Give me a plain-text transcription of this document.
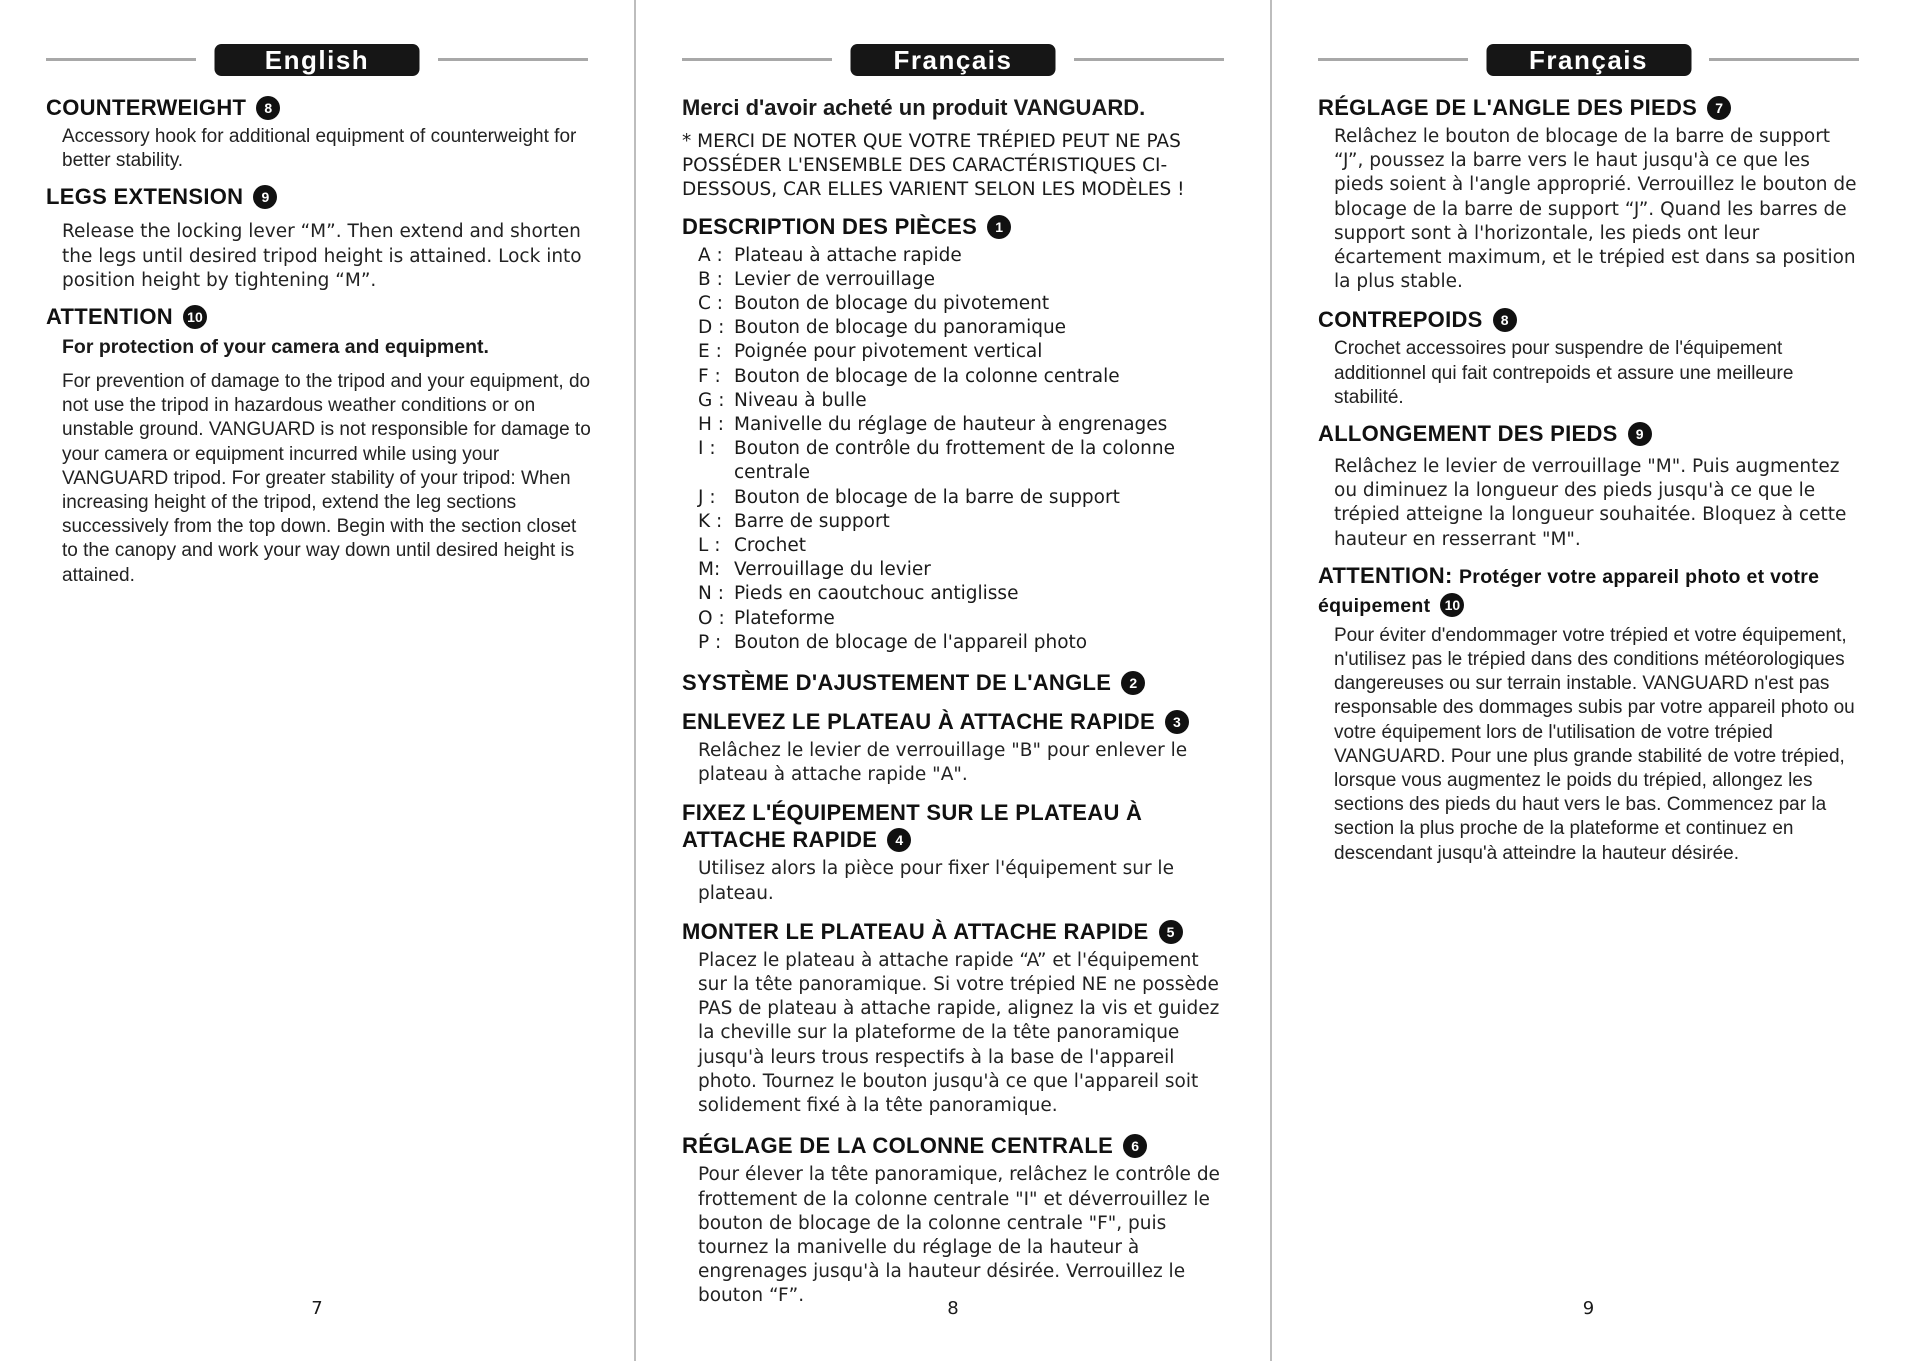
English
COUNTERWEIGHT 8

Accessory hook for additional equipment of counterweight for better stability.

LEGS EXTENSION 9

Release the locking lever “M”. Then extend and shorten the legs until desired tripod height is attained. Lock into position height by tightening “M”.

ATTENTION 10

For protection of your camera and equipment.

For prevention of damage to the tripod and your equipment, do not use the tripod in hazardous weather conditions or on unstable ground. VANGUARD is not responsible for damage to your camera or equipment incurred while using your VANGUARD tripod. For greater stability of your tripod: When increasing height of the tripod, extend the leg sections successively from the top down. Begin with the section closet to the canopy and work your way down until desired height is attained.

7
Français

Merci d'avoir acheté un produit VANGUARD.

* MERCI DE NOTER QUE VOTRE TRÉPIED PEUT NE PAS POSSÉDER L'ENSEMBLE DES CARACTÉRISTIQUES CI-DESSOUS, CAR ELLES VARIENT SELON LES MODÈLES !

DESCRIPTION DES PIÈCES 1
A : Plateau à attache rapide
B : Levier de verrouillage
C : Bouton de blocage du pivotement
D : Bouton de blocage du panoramique
E : Poignée pour pivotement vertical
F : Bouton de blocage de la colonne centrale
G : Niveau à bulle
H : Manivelle du réglage de hauteur à engrenages
I : Bouton de contrôle du frottement de la colonne centrale
J : Bouton de blocage de la barre de support
K : Barre de support
L : Crochet
M: Verrouillage du levier
N : Pieds en caoutchouc antiglisse
O : Plateforme
P : Bouton de blocage de l'appareil photo
SYSTÈME D'AJUSTEMENT DE L'ANGLE 2
ENLEVEZ LE PLATEAU À ATTACHE RAPIDE 3

Relâchez le levier de verrouillage "B" pour enlever le plateau à attache rapide "A".

FIXEZ L'ÉQUIPEMENT SUR LE PLATEAU À ATTACHE RAPIDE 4

Utilisez alors la pièce pour fixer l'équipement sur le plateau.

MONTER LE PLATEAU À ATTACHE RAPIDE 5

Placez le plateau à attache rapide “A” et l'équipement sur la tête panoramique. Si votre trépied NE ne possède PAS de plateau à attache rapide, alignez la vis et guidez la cheville sur la plateforme de la tête panoramique jusqu'à leurs trous respectifs à la base de l'appareil photo. Tournez le bouton jusqu'à ce que l'appareil soit solidement fixé à la tête panoramique.

RÉGLAGE DE LA COLONNE CENTRALE 6

Pour élever la tête panoramique, relâchez le contrôle de frottement de la colonne centrale "I" et déverrouillez le bouton de blocage de la colonne centrale "F", puis tournez la manivelle du réglage de la hauteur à engrenages jusqu'à la hauteur désirée. Verrouillez le bouton “F”.

8
Français
RÉGLAGE DE L'ANGLE DES PIEDS 7

Relâchez le bouton de blocage de la barre de support “J”, poussez la barre vers le haut jusqu'à ce que les pieds soient à l'angle approprié. Verrouillez le bouton de blocage de la barre de support “J”. Quand les barres de support sont à l'horizontale, les pieds ont leur écartement maximum, et le trépied est dans sa position la plus stable.

CONTREPOIDS 8

Crochet accessoires pour suspendre de l'équipement additionnel qui fait contrepoids et assure une meilleure stabilité.

ALLONGEMENT DES PIEDS 9

Relâchez le levier de verrouillage "M". Puis augmentez ou diminuez la longueur des pieds jusqu'à ce que le trépied atteigne la longueur souhaitée. Bloquez à cette hauteur en resserrant "M".

ATTENTION: Protéger votre appareil photo et votre équipement 10

Pour éviter d'endommager votre trépied et votre équipement, n'utilisez pas le trépied dans des conditions météorologiques dangereuses ou sur terrain instable. VANGUARD n'est pas responsable des dommages subis par votre appareil photo ou votre équipement lors de l'utilisation de votre trépied VANGUARD. Pour une plus grande stabilité de votre trépied, lorsque vous augmentez le poids du trépied, allongez les sections des pieds du haut vers le bas. Commencez par la section la plus proche de la plateforme et continuez en descendant jusqu'à atteindre la hauteur désirée.

9
